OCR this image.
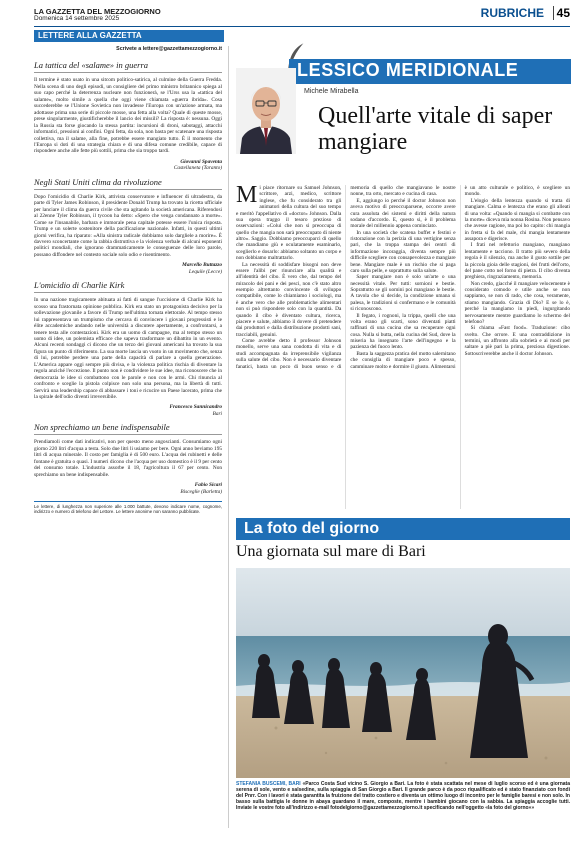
LA GAZZETTA DEL MEZZOGIORNO
Domenica 14 settembre 2025	RUBRICHE	45
LETTERE ALLA GAZZETTA
Scrivete a lettere@gazzettamezzogiorno.it
La tattica del «salame» in guerra

Il termine è stato usato in una sitcom politico-satirica, al culmine della Guerra Fredda. Nella scena di uno degli episodi, un consigliere del primo ministro britannico spiega al suo capo perché la deterrenza nucleare non funzionerà, se l'Urss usa la «tattica del salame», molto simile a quella che oggi viene chiamata «guerra ibrida». Cosa succederebbe se l'Unione Sovietica non invadesse l'Europa con un'azione armata, ma adottasse prima una serie di piccole mosse, una fetta alla volta? Quale di queste mosse, prese singolarmente, giustificherebbe il lancio dei missili? La risposta è: nessuna. Oggi la Russia sta forse giocando la stessa partita: incursioni di droni, sabotaggi, attacchi informatici, pressioni ai confini. Ogni fetta, da sola, non basta per scatenare una risposta collettiva, ma il salame, alla fine, potrebbe essere mangiato tutto. È il momento che l'Europa si doti di una strategia chiara e di una difesa comune credibile, capace di rispondere anche alle fette più sottili, prima che sia troppo tardi.

Giovanni Spaventa
Castellaneta (Taranto)
Negli Stati Uniti clima da rivoluzione

Dopo l'omicidio di Charlie Kirk, attivista conservatore e influencer di ultradestra, da parte di Tyler James Robinson, il presidente Donald Trump ha trovato la ricetta ufficiale per lanciare il clima da guerra civile che sta agitando la società americana. Riferendosi al 22enne Tyler Robinson, il tycoon ha detto: «Spero che venga condannato a morte». Come se l'insanabile, barbara e immorale pena capitale potesse essere l'unica risposta. Trump e un solerte sostenitore della pacificazione nazionale. Infatti, in questi ultimi giorni verifica, ha riparato: «Alla sinistra radicale dobbiamo solo dargliele a morire». È davvero sconcertante come la rabbia distruttiva e la violenza verbale di alcuni esponenti politici mondiali, che ignorano drammaticamente le conseguenze delle loro parole, possano diffondere nel contesto sociale solo odio e risentimento.

Marcello Buttazzo
Lequile (Lecce)
L'omicidio di Charlie Kirk

In una nazione tragicamente abituata ai fatti di sangue l'uccisione di Charlie Kirk ha scosso una frastornata opinione pubblica. Kirk era stato un protagonista decisivo per la sollevazione giovanile a favore di Trump nell'ultima tornata elettorale. Al tempo stesso lui rappresentava un trumpismo che cercava di convincere i giovani progressisti e le élite accademiche andando nelle università a discutere apertamente, a confrontarsi, a tenere testa alle contestazioni. Kirk era un uomo di campagne, ma al tempo stesso un uomo di idee, un polemista efficace che sapeva trasformare un dibattito in un evento. Alcuni recenti sondaggi ci dicono che un terzo dei giovani americani ha trovato la sua figura un punto di riferimento. La sua morte lascia un vuoto in un movimento che, senza di lui, potrebbe perdere una parte della capacità di parlare a quella generazione. L'America appare oggi sempre più divisa, e la violenza politica rischia di diventare la regola anziché l'eccezione. Il punto non è condividere le sue idee, ma riconoscere che in democrazia le idee si combattono con le parole e non con le armi. Chi rinuncia al confronto e sceglie la pistola colpisce non solo una persona, ma la libertà di tutti. Servirà una leadership capace di abbassare i toni e ricucire un Paese lacerato, prima che la spirale dell'odio diventi irreversibile.

Francesco Sannicandro
Bari
Non sprechiamo un bene indispensabile

Prendiamoli come dati indicativi, non per questo meno angoscianti. Consumiamo ogni giorno 220 litri d'acqua a testa. Solo due litri li usiamo per bere. Ogni anno beviamo 195 litri di acqua minerale. Il costo per famiglia è di 500 euro. L'acqua dei rubinetti e delle fontane è gratuita o quasi. I numeri dicono che l'acqua per uso domestico è il 9 per cento del consumo totale. L'industria assorbe il 18, l'agricoltura il 67 per cento. Non sprechiamo un bene indispensabile.

Fabio Sicari
Bisceglie (Barletta)
Le lettere, di lunghezza non superiore alle 1.000 battute, devono indicare nome, cognome, indirizzo e numero di telefono del Lettore. Le lettere anonime non saranno pubblicate.
LESSICO MERIDIONALE
Michele Mirabella
Quell'arte vitale di saper mangiare

Mi piace ritornare su Samuel Johnson, scrittore, arzi, medico, scrittore inglese, che fu considerato tra gli animatori della cultura del suo tempo e meritò l'appellativo di «doctor» Johnson. Dalla sua opera traggo il tesoro prezioso di osservazioni: «Colui che non si preoccupa di quello che mangia non sarà preoccupato di niente altro». Saggio. Dobbiamo preoccuparci di quello che mandiamo giù e oculatamente esaminarlo, sceglierlo e dosarlo: abbiamo soltanto un corpo e non dobbiamo maltrattarlo.

La necessità di soddisfare bisogni non deve essere l'alibi per rinunciare alla qualità e all'identità del cibo. È vero che, dal tempo del miracolo dei pani e dei pesci, non c'è stato altro esempio altrettanto convincente di sviluppo compatibile, come lo chiamiamo i sociologi, ma è anche vero che alle problematiche alimentari non si può rispondere solo con la quantità. Da quando il cibo è diventato cultura, ricerca, piacere e salute, abbiamo il dovere di pretendere dai produttori e dalla distribuzione prodotti sani, tracciabili, genuini.

Come avrebbe detto il professor Johnson monello, serve una sana condotta di vita e di studi accompagnata da irreprensibile vigilanza sulla salute del cibo. Non è necessario diventare fanatici, basta un poco di buon senso e di memoria di quello che mangiavano le nostre nonne, tra orto, mercato e cucina di casa.

E, aggiungo io perché il doctor Johnson non aveva motivo di preoccuparsene, occorre avere cura assoluta dei sistemi e diritti della natura sodano d'accordo. E, questo si, è il problema morale del millennio appena cominciato.

In una società che scatena buffet e festini e ristorazione con la perizia di una vertigine senza pari, che la troppa stampa dei centri di informazione incoraggia, diventa sempre più difficile scegliere con consapevolezza e mangiare bene. Mangiare male è un rischio che si paga caro sulla pelle, e soprattutto sulla salute.

Saper mangiare non è solo un'arte o una necessità vitale. Per tutti: sornioni e bestie. Soprattutto se gli uomini poi mangiano le bestie. A tavola che si decide, la condizione umana si palesa, le tradizioni si confermano e le comunità si riconoscono.

Il fegato, i rognoni, la trippa, quelli che una volta erano gli scarti, sono diventati piatti raffinati di una cucina che sa recuperare ogni cosa. Nulla si butta, nella cucina del Sud, dove la miseria ha insegnato l'arte dell'ingegno e la pazienza del fuoco lento.

Basta la saggezza pratica del motto salernitano che consiglia di mangiare poco e spesso, camminare molto e dormire il giusto. Alimentarsi è un atto culturale e politico, è scegliere un mondo.

L'elogio della lentezza quando si tratta di mangiare. Calma e lentezza che erano gli alleati di una volta: «Quando si mangia si combatte con la morte» diceva mia nonna Rosina. Non pensavo che avesse ragione, ma poi ho capito: chi mangia in fretta si fa del male, chi mangia lentamente assapora e digerisce.

I frati nel refettorio mangiano, mangiano lentamente e tacciono. Il tratto più severo della regola è il silenzio, ma anche il gusto sottile per la piccola gioia delle stagioni, dei frutti dell'orto, del pane cotto nel forno di pietra. Il cibo diventa preghiera, ringraziamento, memoria.

Non credo, giacché il mangiare velocemente è considerato comodo e utile anche se non sappiamo, se non di rado, che cosa, veramente, stiamo mangiando. Grazia di Dio? E se lo è, perché la mangiamo in piedi, ingurgitando nervosamente mentre guardiamo lo schermo del telefono?

Si chiama «Fast food». Traduzione: cibo svelto. Che orrore. E una contraddizione in termini, un affronto alla sobrietà e ai modi per saltare a piè pari la prima, preziosa digestione. Sottoscriverebbe anche il doctor Johnson.

La foto del giorno
Una giornata sul mare di Bari
STEFANIA BUSCEMI, BARI «Parco Costa Sud vicino S. Giorgio a Bari. La foto è stata scattata nel mese di luglio scorso ed è una giornata serena di sole, vento e salsedine, sulla spiaggia di San Giorgio a Bari. Il grande parco è da poco riqualificato ed è stato finanziato con fondi del Pnrr. Con i lavori è stata garantita la fruizione del tratto costiero e diventa un ottimo luogo di incontro per le famiglie baresi e non solo. In basso sulla battigia le donne in abaya guardano il mare, composte, mentre i bambini giocano con la sabbia. La spiaggia accoglie tutti. Inviate le vostre foto all'indirizzo e-mail fotodelgiorno@gazzettamezzogiorno.it specificando nell'oggetto «la foto del giorno»»
